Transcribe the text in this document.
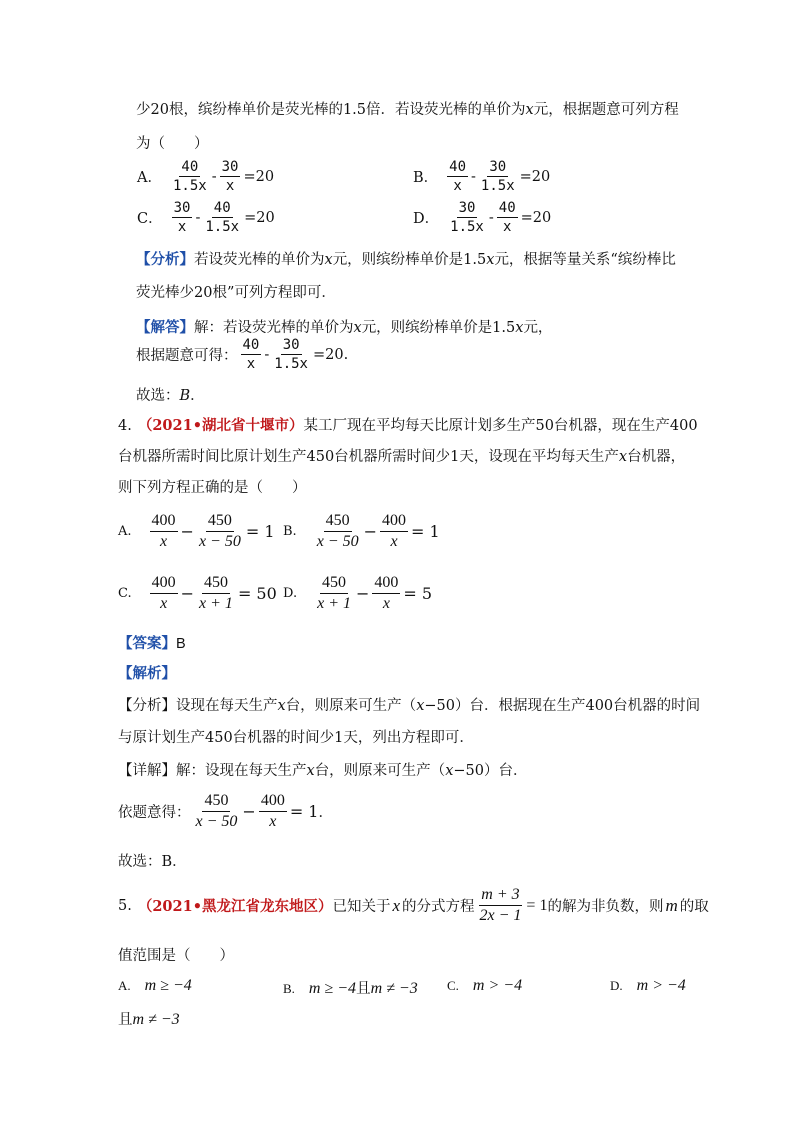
少20根，缤纷棒单价是荧光棒的1.5倍．若设荧光棒的单价为x元，根据题意可列方程
为（　　）
A． $\frac{40}{1.5x} - \frac{30}{x} =20$	B． $\frac{40}{x} - \frac{30}{1.5x} =20$
C． $\frac{30}{x} - \frac{40}{1.5x} =20$	D． $\frac{30}{1.5x} - \frac{40}{x} =20$
【分析】若设荧光棒的单价为x元，则缤纷棒单价是1.5x元，根据等量关系“缤纷棒比
荧光棒少20根”可列方程即可．
【解答】解：若设荧光棒的单价为x元，则缤纷棒单价是1.5x元，
根据题意可得： $\frac{40}{x} - \frac{30}{1.5x} =20$.
故选：B．
4. （2021•湖北省十堰市）某工厂现在平均每天比原计划多生产50台机器，现在生产400
台机器所需时间比原计划生产450台机器所需时间少1天，设现在平均每天生产x台机器，
则下列方程正确的是（　　）
A. $\frac{400}{x} - \frac{450}{x - 50} = 1$ B. $\frac{450}{x - 50} - \frac{400}{x} = 1$
C. $\frac{400}{x} - \frac{450}{x + 1} = 50$ D. $\frac{450}{x + 1} - \frac{400}{x} = 5$
【答案】B
【解析】
【分析】设现在每天生产x台，则原来可生产（x−50）台．根据现在生产400台机器的时间
与原计划生产450台机器的时间少1天，列出方程即可．
【详解】解：设现在每天生产x台，则原来可生产（x−50）台．
依题意得： $\frac{450}{x - 50} - \frac{400}{x} = 1$ ．
故选：B．
5. （2021•黑龙江省龙东地区） 已知关于 x 的分式方程 $\frac{m + 3}{2x - 1} = 1$ 的解为非负数，则 m 的取
值范围是（　　）
A. m ≥ −4	B. m ≥ −4且m ≠ −3 C. m > −4	D. m > −4
且m ≠ −3
